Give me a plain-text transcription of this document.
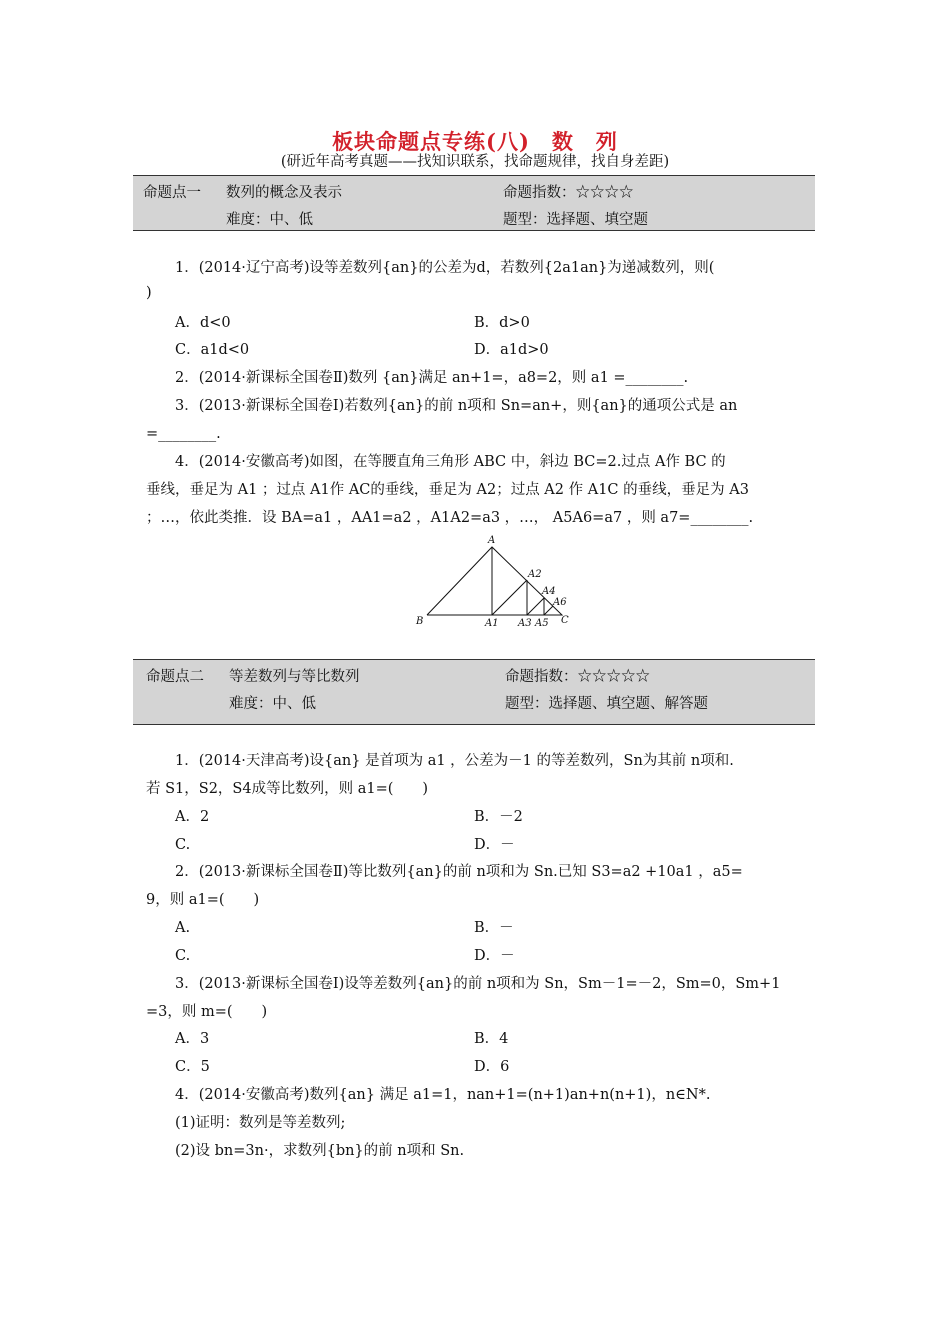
板块命题点专练(八)　数　列
(研近年高考真题——找知识联系，找命题规律，找自身差距)
命题点一 数列的概念及表示	命题指数：☆☆☆☆
难度：中、低	题型：选择题、填空题
1．(2014·辽宁高考)设等差数列{an}的公差为d，若数列{2a1an}为递减数列，则(
)
A．d<0	B．d>0
C．a1d<0	D．a1d>0
2．(2014·新课标全国卷Ⅱ)数列 {an}满足 an+1=，a8=2，则 a1 =________.
3．(2013·新课标全国卷Ⅰ)若数列{an}的前 n项和 Sn=an+，则{an}的通项公式是 an
=________.
4．(2014·安徽高考)如图，在等腰直角三角形 ABC 中，斜边 BC=2.过点 A作 BC 的
垂线，垂足为 A1 ；过点 A1作 AC的垂线，垂足为 A2；过点 A2 作 A1C 的垂线，垂足为 A3
；…，依此类推．设 BA=a1 ，AA1=a2 ，A1A2=a3 ，…， A5A6=a7 ，则 a7=________.
A
A2
A4
A6
B	A1 A3 A5 C
命题点二 等差数列与等比数列	命题指数：☆☆☆☆☆
难度：中、低	题型：选择题、填空题、解答题
1．(2014·天津高考)设{an} 是首项为 a1 ，公差为－1 的等差数列，Sn为其前 n项和.
若 S1，S2，S4成等比数列，则 a1=(　　)
A．2	B．－2
C.	D．－
2．(2013·新课标全国卷Ⅱ)等比数列{an}的前 n项和为 Sn.已知 S3=a2 +10a1 ，a5=
9，则 a1=(　　)
A.	B．－
C.	D．－
3．(2013·新课标全国卷Ⅰ)设等差数列{an}的前 n项和为 Sn，Sm－1=－2，Sm=0，Sm+1
=3，则 m=(　　)
A．3	B．4
C．5	D．6
4．(2014·安徽高考)数列{an} 满足 a1=1，nan+1=(n+1)an+n(n+1)，n∈N*.
(1)证明：数列是等差数列;
(2)设 bn=3n·，求数列{bn}的前 n项和 Sn.
